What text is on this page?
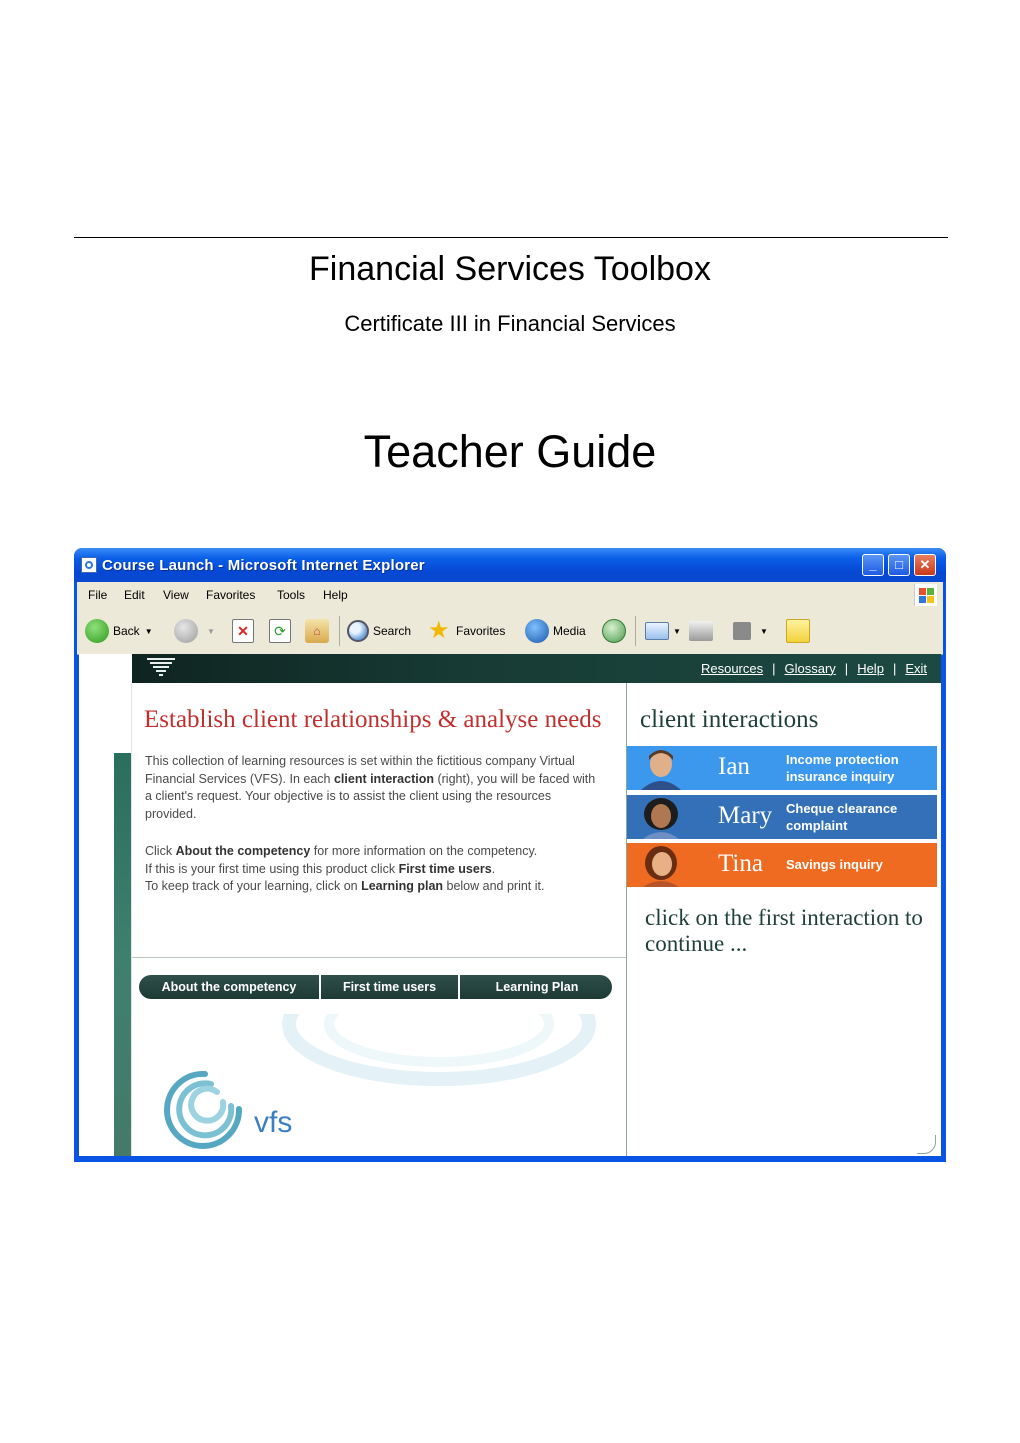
Financial Services Toolbox
Certificate III in Financial Services
Teacher Guide
Course Launch - Microsoft Internet Explorer	_	□	✕
File Edit View Favorites Tools Help
Back ▼	▼	✕	⟳	⌂	Search ★ Favorites	Media	▼	▼
Resources | Glossary | Help | Exit
Establish client relationships & analyse needs
This collection of learning resources is set within the fictitious company Virtual Financial Services (VFS). In each client interaction (right), you will be faced with a client's request. Your objective is to assist the client using the resources provided.
Click About the competency for more information on the competency.
If this is your first time using this product click First time users.
To keep track of your learning, click on Learning plan below and print it.
About the competency	First time users	Learning Plan
vfs
client interactions
Ian	Income protection insurance inquiry
Mary Cheque clearance complaint
Tina Savings inquiry
click on the first interaction to continue ...
